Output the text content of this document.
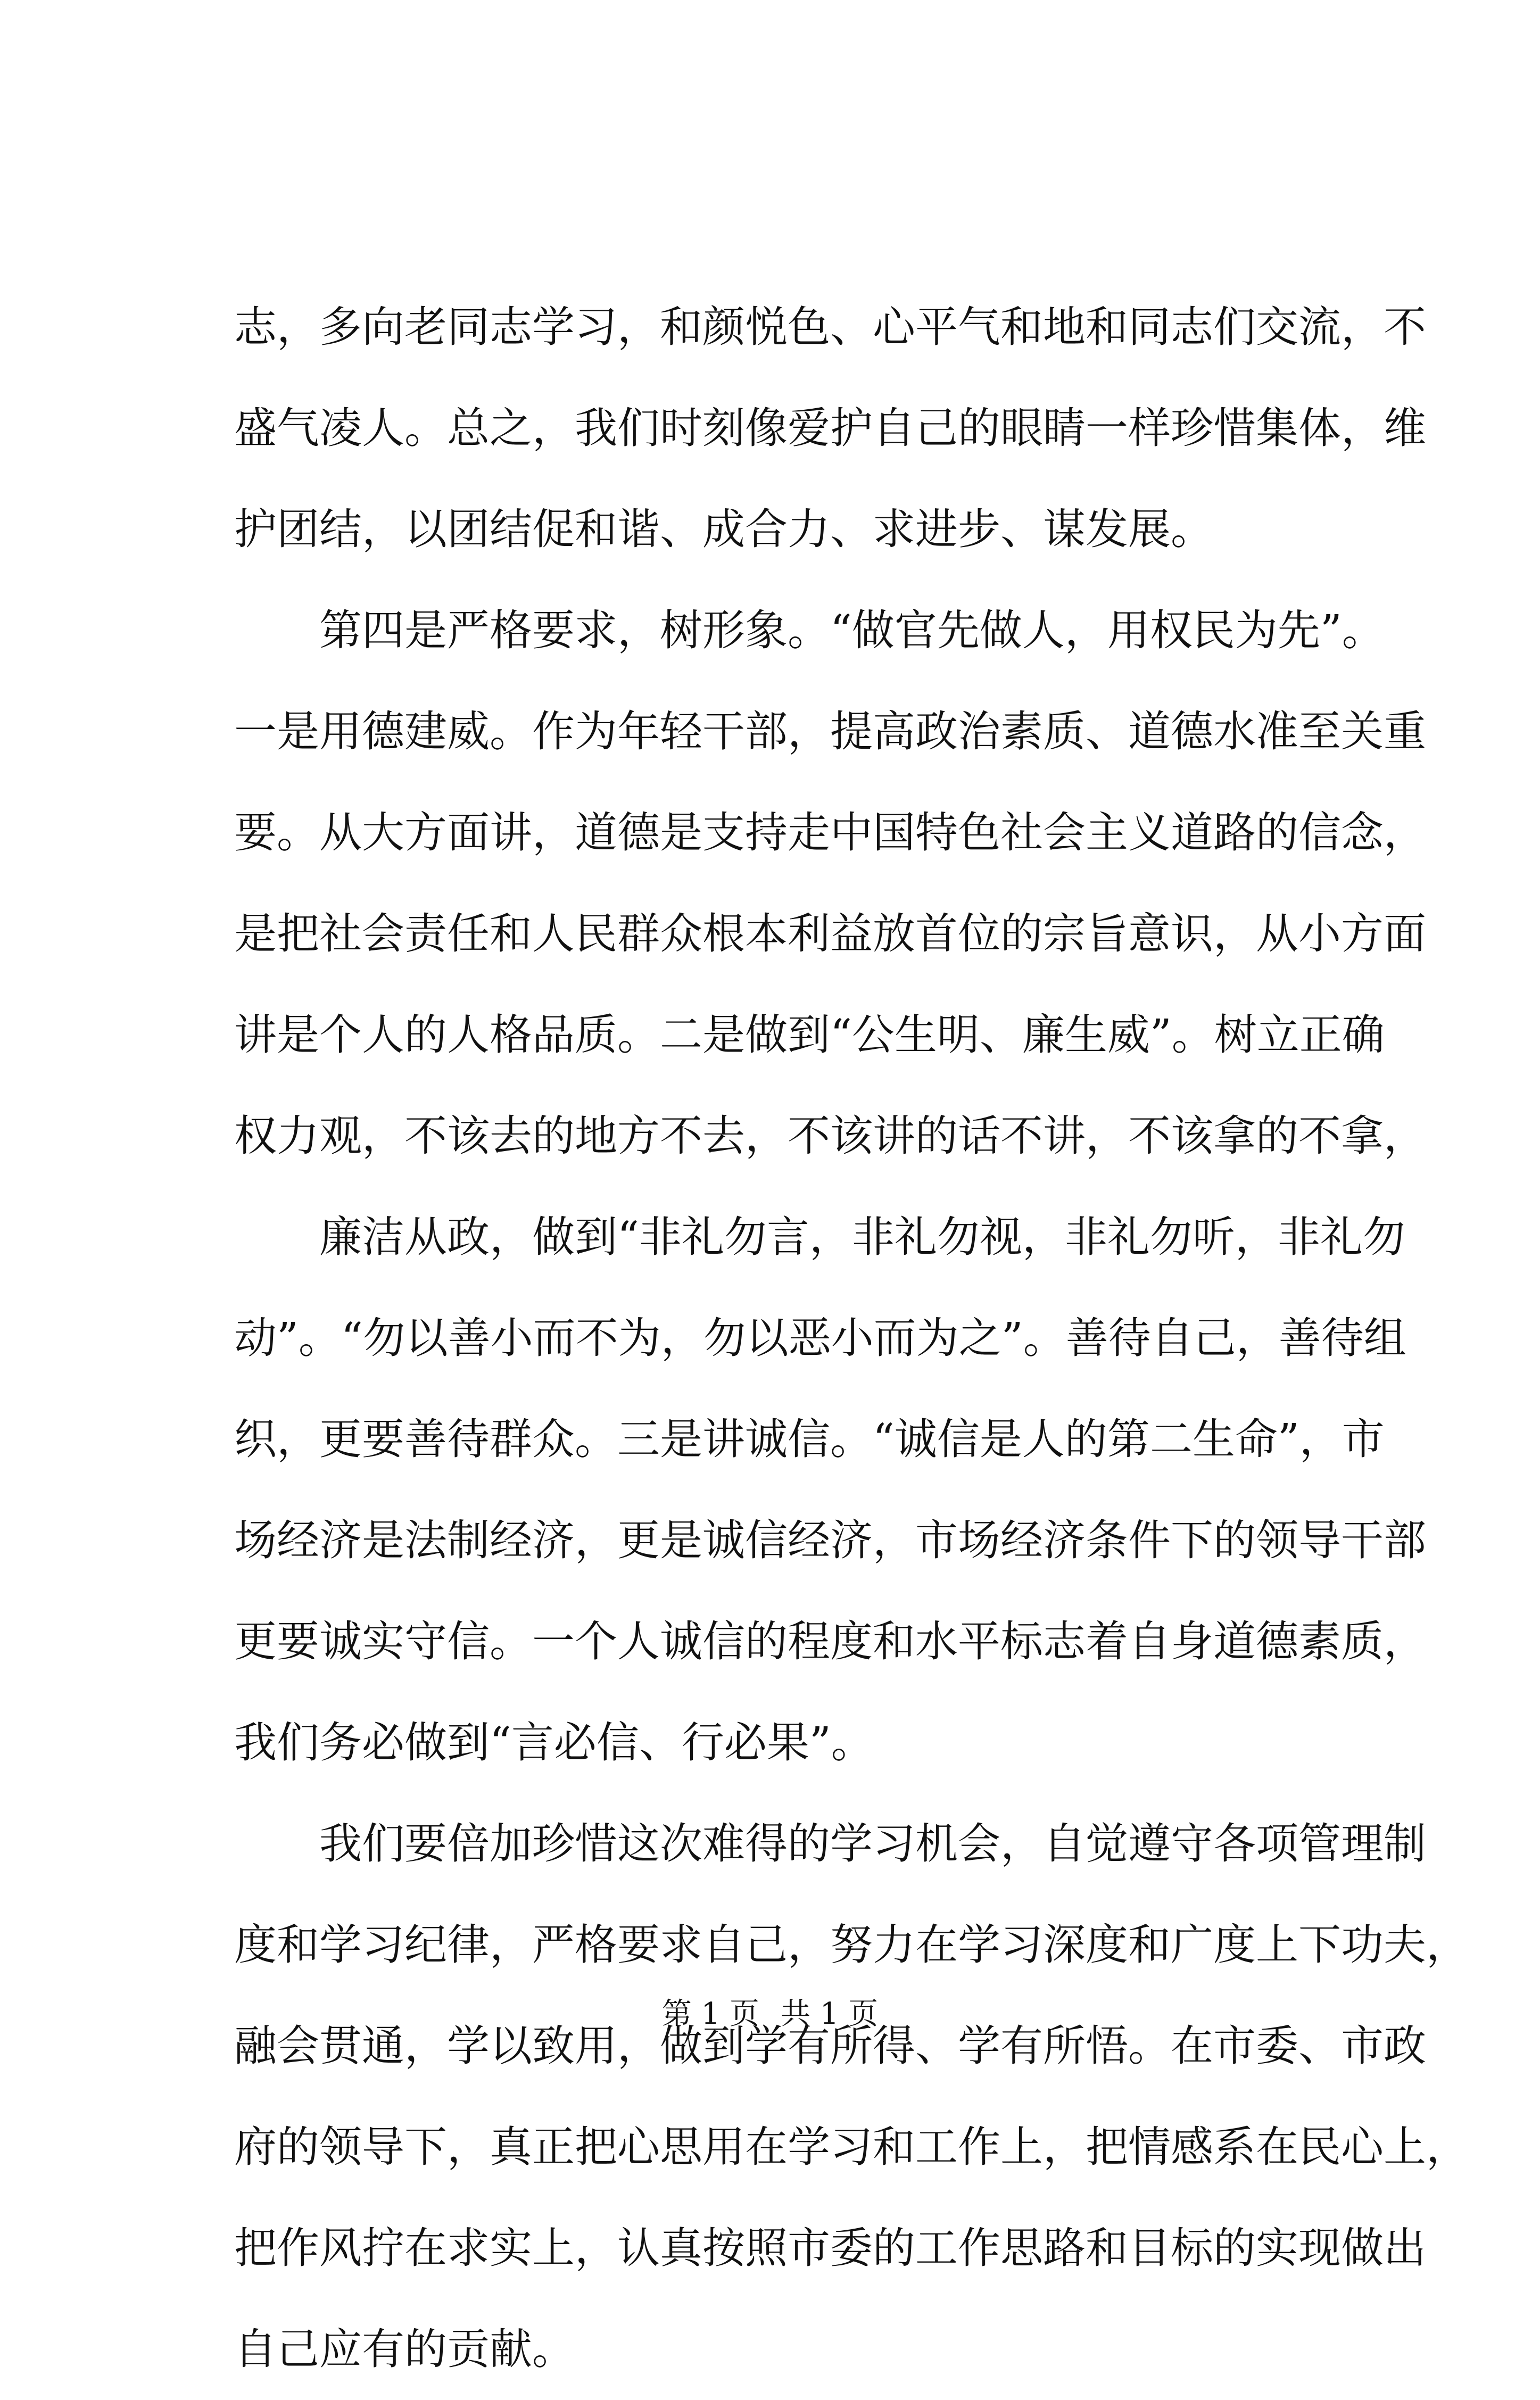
志，多向老同志学习，和颜悦色、心平气和地和同志们交流，不
盛气凌人。总之，我们时刻像爱护自己的眼睛一样珍惜集体，维
护团结，以团结促和谐、成合力、求进步、谋发展。
第四是严格要求，树形象。“做官先做人，用权民为先”。
一是用德建威。作为年轻干部，提高政治素质、道德水准至关重
要。从大方面讲，道德是支持走中国特色社会主义道路的信念，
是把社会责任和人民群众根本利益放首位的宗旨意识，从小方面
讲是个人的人格品质。二是做到“公生明、廉生威”。树立正确
权力观，不该去的地方不去，不该讲的话不讲，不该拿的不拿，
廉洁从政，做到“非礼勿言，非礼勿视，非礼勿听，非礼勿
动”。“勿以善小而不为，勿以恶小而为之”。善待自己，善待组
织，更要善待群众。三是讲诚信。“诚信是人的第二生命”，市
场经济是法制经济，更是诚信经济，市场经济条件下的领导干部
更要诚实守信。一个人诚信的程度和水平标志着自身道德素质，
我们务必做到“言必信、行必果”。
我们要倍加珍惜这次难得的学习机会，自觉遵守各项管理制
度和学习纪律，严格要求自己，努力在学习深度和广度上下功夫，
融会贯通，学以致用，做到学有所得、学有所悟。在市委、市政
府的领导下，真正把心思用在学习和工作上，把情感系在民心上，
把作风拧在求实上，认真按照市委的工作思路和目标的实现做出
自己应有的贡献。
第 1 页 共 1 页
